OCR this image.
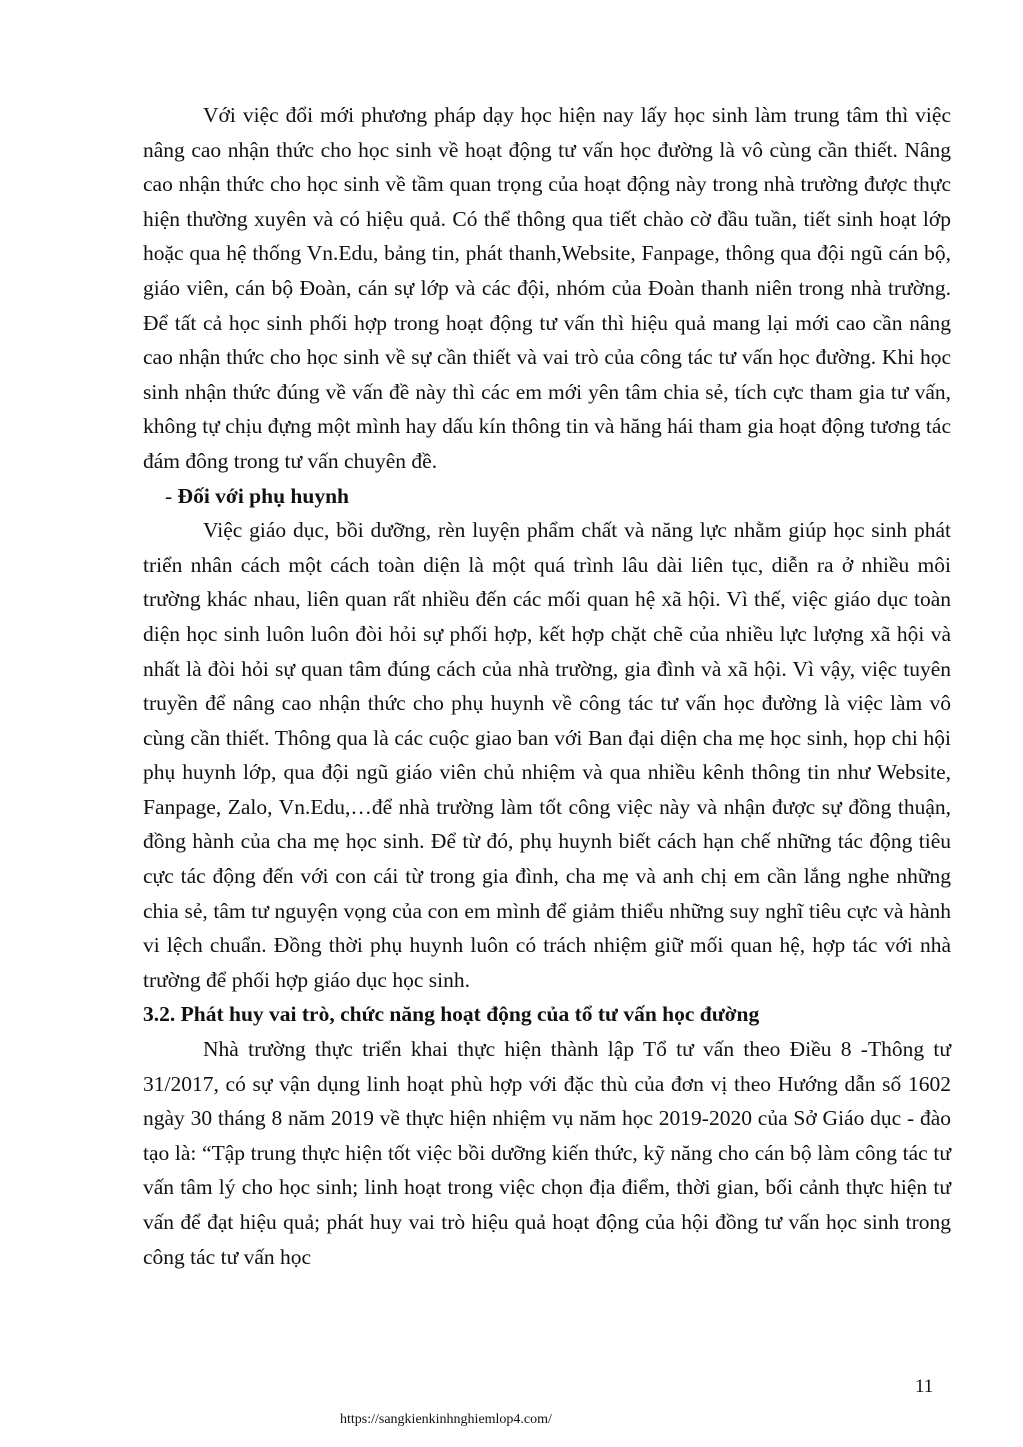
Với việc đổi mới phương pháp dạy học hiện nay lấy học sinh làm trung tâm thì việc nâng cao nhận thức cho học sinh về hoạt động tư vấn học đường là vô cùng cần thiết. Nâng cao nhận thức cho học sinh về tầm quan trọng của hoạt động này trong nhà trường được thực hiện thường xuyên và có hiệu quả. Có thể thông qua tiết chào cờ đầu tuần, tiết sinh hoạt lớp hoặc qua hệ thống Vn.Edu, bảng tin, phát thanh,Website, Fanpage, thông qua đội ngũ cán bộ, giáo viên, cán bộ Đoàn, cán sự lớp và các đội, nhóm của Đoàn thanh niên trong nhà trường. Để tất cả học sinh phối hợp trong hoạt động tư vấn thì hiệu quả mang lại mới cao cần nâng cao nhận thức cho học sinh về sự cần thiết và vai trò của công tác tư vấn học đường. Khi học sinh nhận thức đúng về vấn đề này thì các em mới yên tâm chia sẻ, tích cực tham gia tư vấn, không tự chịu đựng một mình hay dấu kín thông tin và hăng hái tham gia hoạt động tương tác đám đông trong tư vấn chuyên đề.

- Đối với phụ huynh

Việc giáo dục, bồi dưỡng, rèn luyện phẩm chất và năng lực nhằm giúp học sinh phát triển nhân cách một cách toàn diện là một quá trình lâu dài liên tục, diễn ra ở nhiều môi trường khác nhau, liên quan rất nhiều đến các mối quan hệ xã hội. Vì thế, việc giáo dục toàn diện học sinh luôn luôn đòi hỏi sự phối hợp, kết hợp chặt chẽ của nhiều lực lượng xã hội và nhất là đòi hỏi sự quan tâm đúng cách của nhà trường, gia đình và xã hội. Vì vậy, việc tuyên truyền để nâng cao nhận thức cho phụ huynh về công tác tư vấn học đường là việc làm vô cùng cần thiết. Thông qua là các cuộc giao ban với Ban đại diện cha mẹ học sinh, họp chi hội phụ huynh lớp, qua đội ngũ giáo viên chủ nhiệm và qua nhiều kênh thông tin như Website, Fanpage, Zalo, Vn.Edu,…để nhà trường làm tốt công việc này và nhận được sự đồng thuận, đồng hành của cha mẹ học sinh. Để từ đó, phụ huynh biết cách hạn chế những tác động tiêu cực tác động đến với con cái từ trong gia đình, cha mẹ và anh chị em cần lắng nghe những chia sẻ, tâm tư nguyện vọng của con em mình để giảm thiểu những suy nghĩ tiêu cực và hành vi lệch chuẩn. Đồng thời phụ huynh luôn có trách nhiệm giữ mối quan hệ, hợp tác với nhà trường để phối hợp giáo dục học sinh.

3.2. Phát huy vai trò, chức năng hoạt động của tổ tư vấn học đường

Nhà trường thực triển khai thực hiện thành lập Tổ tư vấn theo Điều 8 -Thông tư 31/2017, có sự vận dụng linh hoạt phù hợp với đặc thù của đơn vị theo Hướng dẫn số 1602 ngày 30 tháng 8 năm 2019 về thực hiện nhiệm vụ năm học 2019-2020 của Sở Giáo dục - đào tạo là: “Tập trung thực hiện tốt việc bồi dưỡng kiến thức, kỹ năng cho cán bộ làm công tác tư vấn tâm lý cho học sinh; linh hoạt trong việc chọn địa điểm, thời gian, bối cảnh thực hiện tư vấn để đạt hiệu quả; phát huy vai trò hiệu quả hoạt động của hội đồng tư vấn học sinh trong công tác tư vấn học

11
https://sangkienkinhnghiemlop4.com/
